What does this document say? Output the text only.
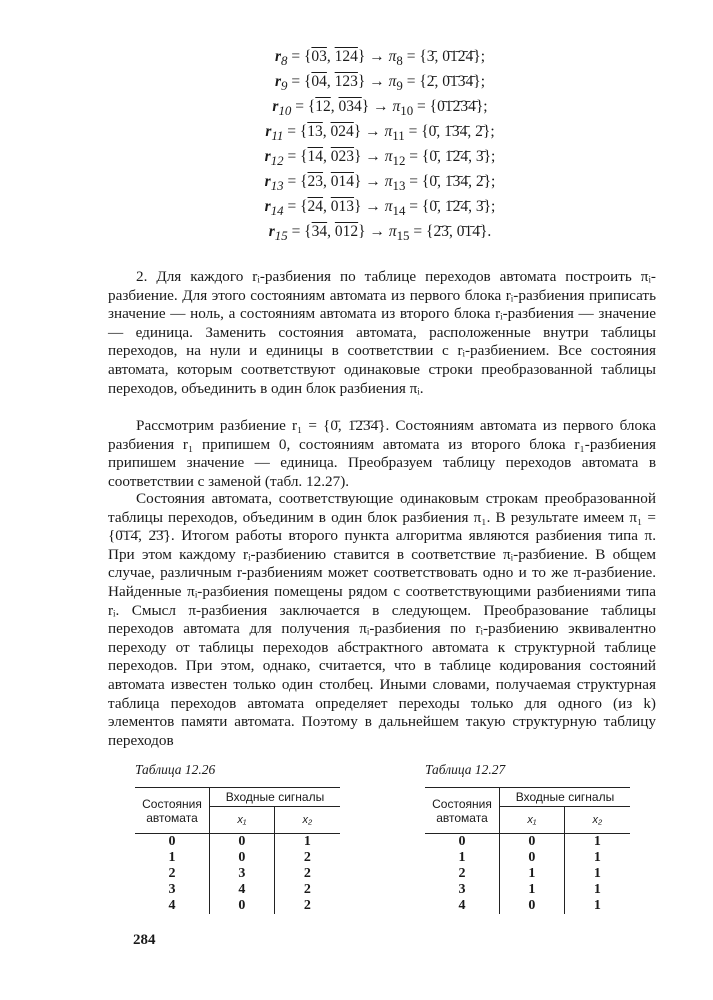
$r_8 = \{03$, $124\} \to \pi_8$ = {3̄, 0̄1̄2̄4̄};
$r_9 = \{04$, $123\} \to \pi_9$ = {2̄, 0̄1̄3̄4̄};
$r_{10} = \{12$, $034\} \to \pi_{10}$ = {0̄1̄2̄3̄4̄};
$r_{11} = \{13$, $024\} \to \pi_{11}$ = {0̄, 1̄3̄4̄, 2̄};
$r_{12} = \{14$, $023\} \to \pi_{12}$ = {0̄, 1̄2̄4̄, 3̄};
$r_{13} = \{23$, $014\} \to \pi_{13}$ = {0̄, 1̄3̄4̄, 2̄};
$r_{14} = \{24$, $013\} \to \pi_{14}$ = {0̄, 1̄2̄4̄, 3̄};
$r_{15} = \{34$, $012\} \to \pi_{15}$ = {2̄3̄, 0̄1̄4̄}.

2. Для каждого rᵢ-разбиения по таблице переходов автомата построить πᵢ-разбиение. Для этого состояниям автомата из первого блока rᵢ-разбиения приписать значение — ноль, а состояниям автомата из второго блока rᵢ-разбиения — значение — единица. Заменить состояния автомата, расположенные внутри таблицы переходов, на нули и единицы в соответствии с rᵢ-разбиением. Все состояния автомата, которым соответствуют одинаковые строки преобразованной таблицы переходов, объединить в один блок разбиения πᵢ.

Рассмотрим разбиение r₁ = {0̄, 1̄2̄3̄4̄}. Состояниям автомата из первого блока разбиения r₁ припишем 0, состояниям автомата из второго блока r₁-разбиения припишем значение — единица. Преобразуем таблицу переходов автомата в соответствии с заменой (табл. 12.27).

Состояния автомата, соответствующие одинаковым строкам преобразованной таблицы переходов, объединим в один блок разбиения π₁. В результате имеем π₁ = {0̄1̄4̄, 2̄3̄}. Итогом работы второго пункта алгоритма являются разбиения типа π. При этом каждому rᵢ-разбиению ставится в соответствие πᵢ-разбиение. В общем случае, различным r-разбиениям может соответствовать одно и то же π-разбиение. Найденные πᵢ-разбиения помещены рядом с соответствующими разбиениями типа rᵢ. Смысл π-разбиения заключается в следующем. Преобразование таблицы переходов автомата для получения πᵢ-разбиения по rᵢ-разбиению эквивалентно переходу от таблицы переходов абстрактного автомата к структурной таблице переходов. При этом, однако, считается, что в таблице кодирования состояний автомата известен только один столбец. Иными словами, получаемая структурная таблица переходов автомата определяет переходы только для одного (из k) элементов памяти автомата. Поэтому в дальнейшем такую структурную таблицу переходов

Таблица 12.26
Состояния автомата	Входные сигналы	
	x₁	x₂
0	0	1
1	0	2
2	3	2
3	4	2
4	0	2
Таблица 12.27
Состояния автомата	Входные сигналы	
	x₁	x₂
0	0	1
1	0	1
2	1	1
3	1	1
4	0	1
284
